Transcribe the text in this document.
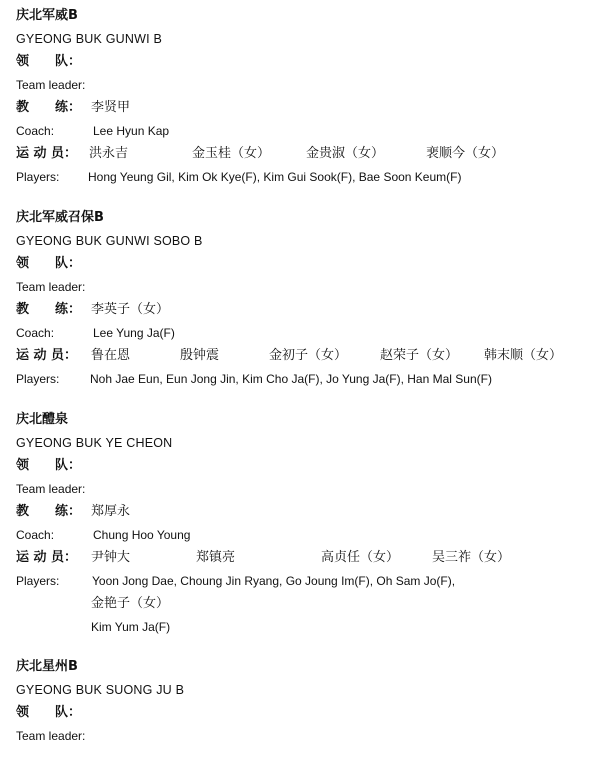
庆北军威B
GYEONG BUK GUNWI B
领　　队：
Team leader:
教　　练： 李贤甲
Coach:	Lee Hyun Kap
运 动 员： 洪永吉	金玉桂（女）	金贵淑（女）	裵顺今（女）
Players: Hong Yeung Gil, Kim Ok Kye(F), Kim Gui Sook(F), Bae Soon Keum(F)
庆北军威召保B
GYEONG BUK GUNWI SOBO B
领　　队：
Team leader:
教　　练： 李英子（女）
Coach:	Lee Yung Ja(F)
运 动 员： 鲁在恩	殷钟震	金初子（女）	赵荣子（女） 韩末顺（女）
Players:	Noh Jae Eun, Eun Jong Jin, Kim Cho Ja(F), Jo Yung Ja(F), Han Mal Sun(F)
庆北醴泉
GYEONG BUK YE CHEON
领　　队：
Team leader:
教　　练： 郑厚永
Coach:	Chung Hoo Young
运 动 员： 尹钟大	郑镇亮	高贞任（女）	吴三祚（女）
Players:	Yoon Jong Dae, Choung Jin Ryang, Go Joung Im(F), Oh Sam Jo(F),
金艳子（女）
Kim Yum Ja(F)
庆北星州B
GYEONG BUK SUONG JU B
领　　队：
Team leader:
